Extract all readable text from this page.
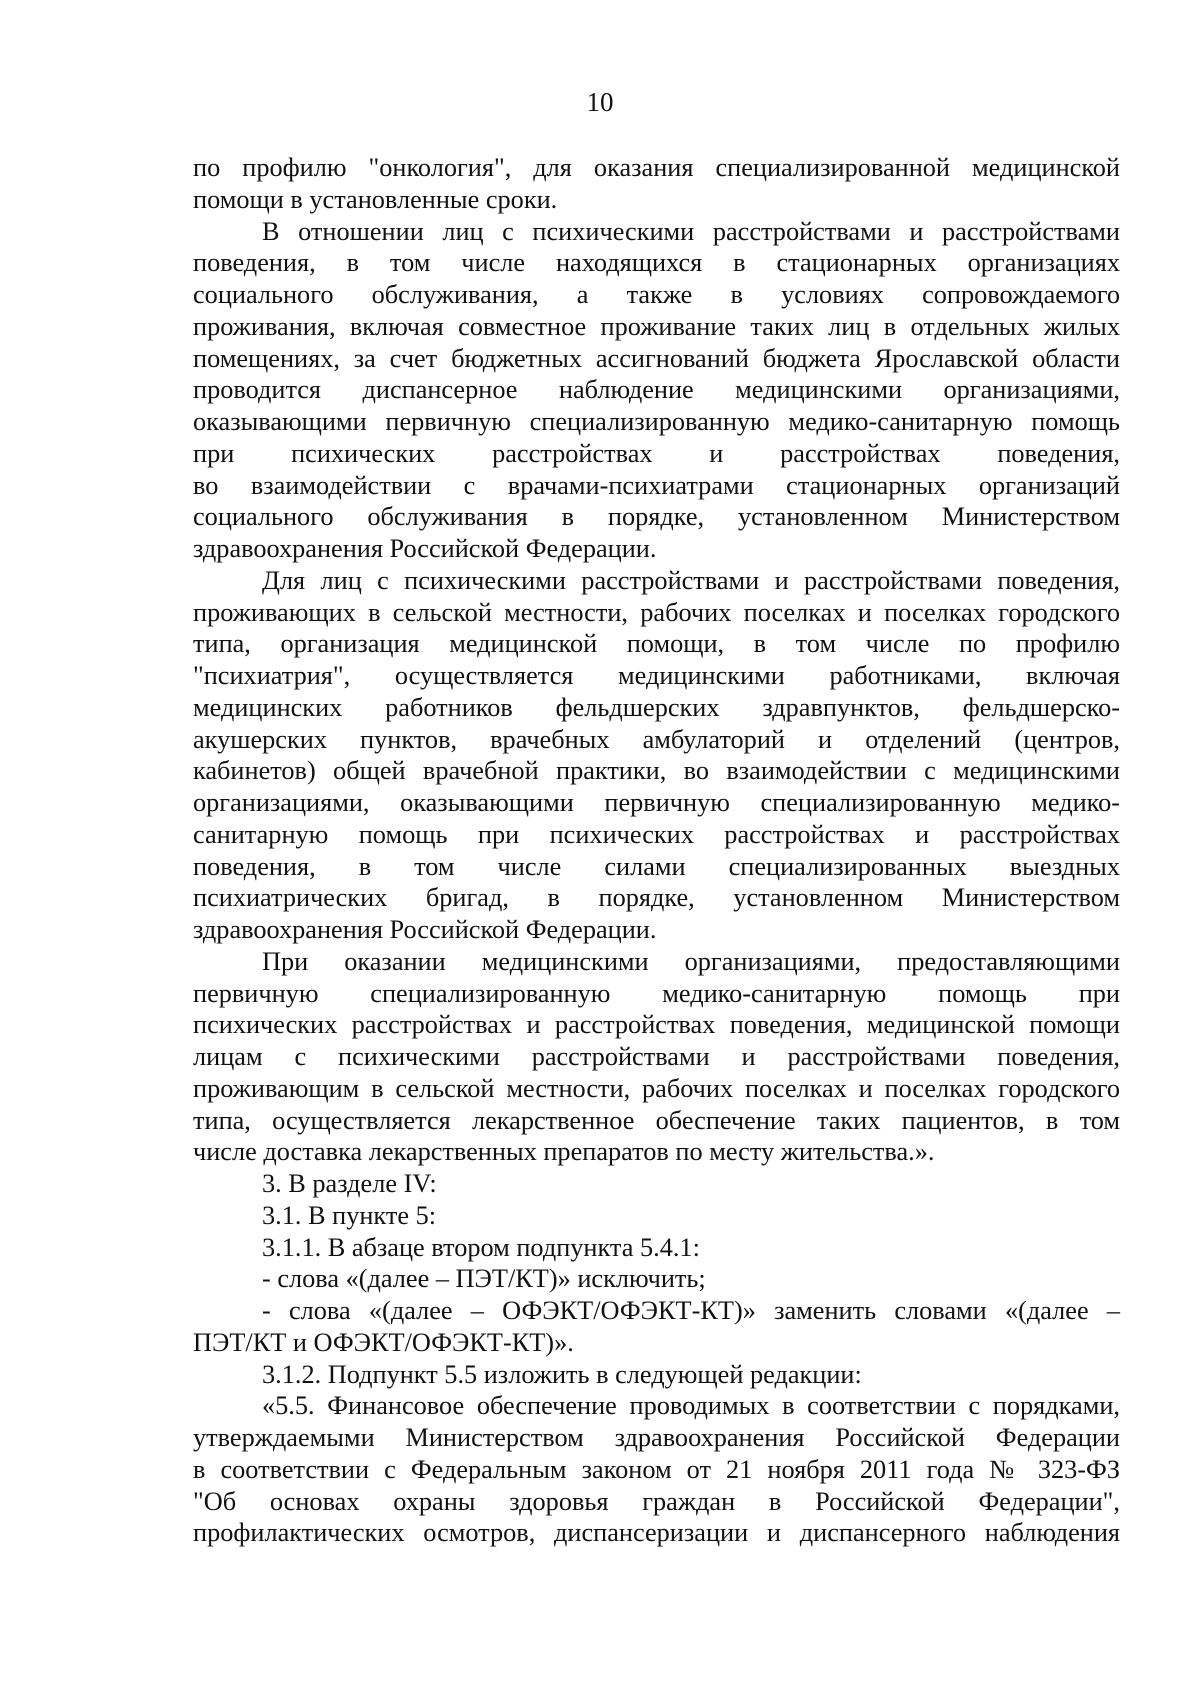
10
по профилю "онкология", для оказания специализированной медицинской
помощи в установленные сроки.
В отношении лиц с психическими расстройствами и расстройствами
поведения, в том числе находящихся в стационарных организациях
социального обслуживания, а также в условиях сопровождаемого
проживания, включая совместное проживание таких лиц в отдельных жилых
помещениях, за счет бюджетных ассигнований бюджета Ярославской области
проводится диспансерное наблюдение медицинскими организациями,
оказывающими первичную специализированную медико-санитарную помощь
при психических расстройствах и расстройствах поведения,
во взаимодействии с врачами-психиатрами стационарных организаций
социального обслуживания в порядке, установленном Министерством
здравоохранения Российской Федерации.
Для лиц с психическими расстройствами и расстройствами поведения,
проживающих в сельской местности, рабочих поселках и поселках городского
типа, организация медицинской помощи, в том числе по профилю
"психиатрия", осуществляется медицинскими работниками, включая
медицинских работников фельдшерских здравпунктов, фельдшерско-
акушерских пунктов, врачебных амбулаторий и отделений (центров,
кабинетов) общей врачебной практики, во взаимодействии с медицинскими
организациями, оказывающими первичную специализированную медико-
санитарную помощь при психических расстройствах и расстройствах
поведения, в том числе силами специализированных выездных
психиатрических бригад, в порядке, установленном Министерством
здравоохранения Российской Федерации.
При оказании медицинскими организациями, предоставляющими
первичную специализированную медико-санитарную помощь при
психических расстройствах и расстройствах поведения, медицинской помощи
лицам с психическими расстройствами и расстройствами поведения,
проживающим в сельской местности, рабочих поселках и поселках городского
типа, осуществляется лекарственное обеспечение таких пациентов, в том
числе доставка лекарственных препаратов по месту жительства.».
3. В разделе IV:
3.1. В пункте 5:
3.1.1. В абзаце втором подпункта 5.4.1:
- слова «(далее – ПЭТ/КТ)» исключить;
- слова «(далее – ОФЭКТ/ОФЭКТ-КТ)» заменить словами «(далее –
ПЭТ/КТ и ОФЭКТ/ОФЭКТ-КТ)».
3.1.2. Подпункт 5.5 изложить в следующей редакции:
«5.5. Финансовое обеспечение проводимых в соответствии с порядками,
утверждаемыми Министерством здравоохранения Российской Федерации
в соответствии с Федеральным законом от 21 ноября 2011 года № 323-ФЗ
"Об основах охраны здоровья граждан в Российской Федерации",
профилактических осмотров, диспансеризации и диспансерного наблюдения
